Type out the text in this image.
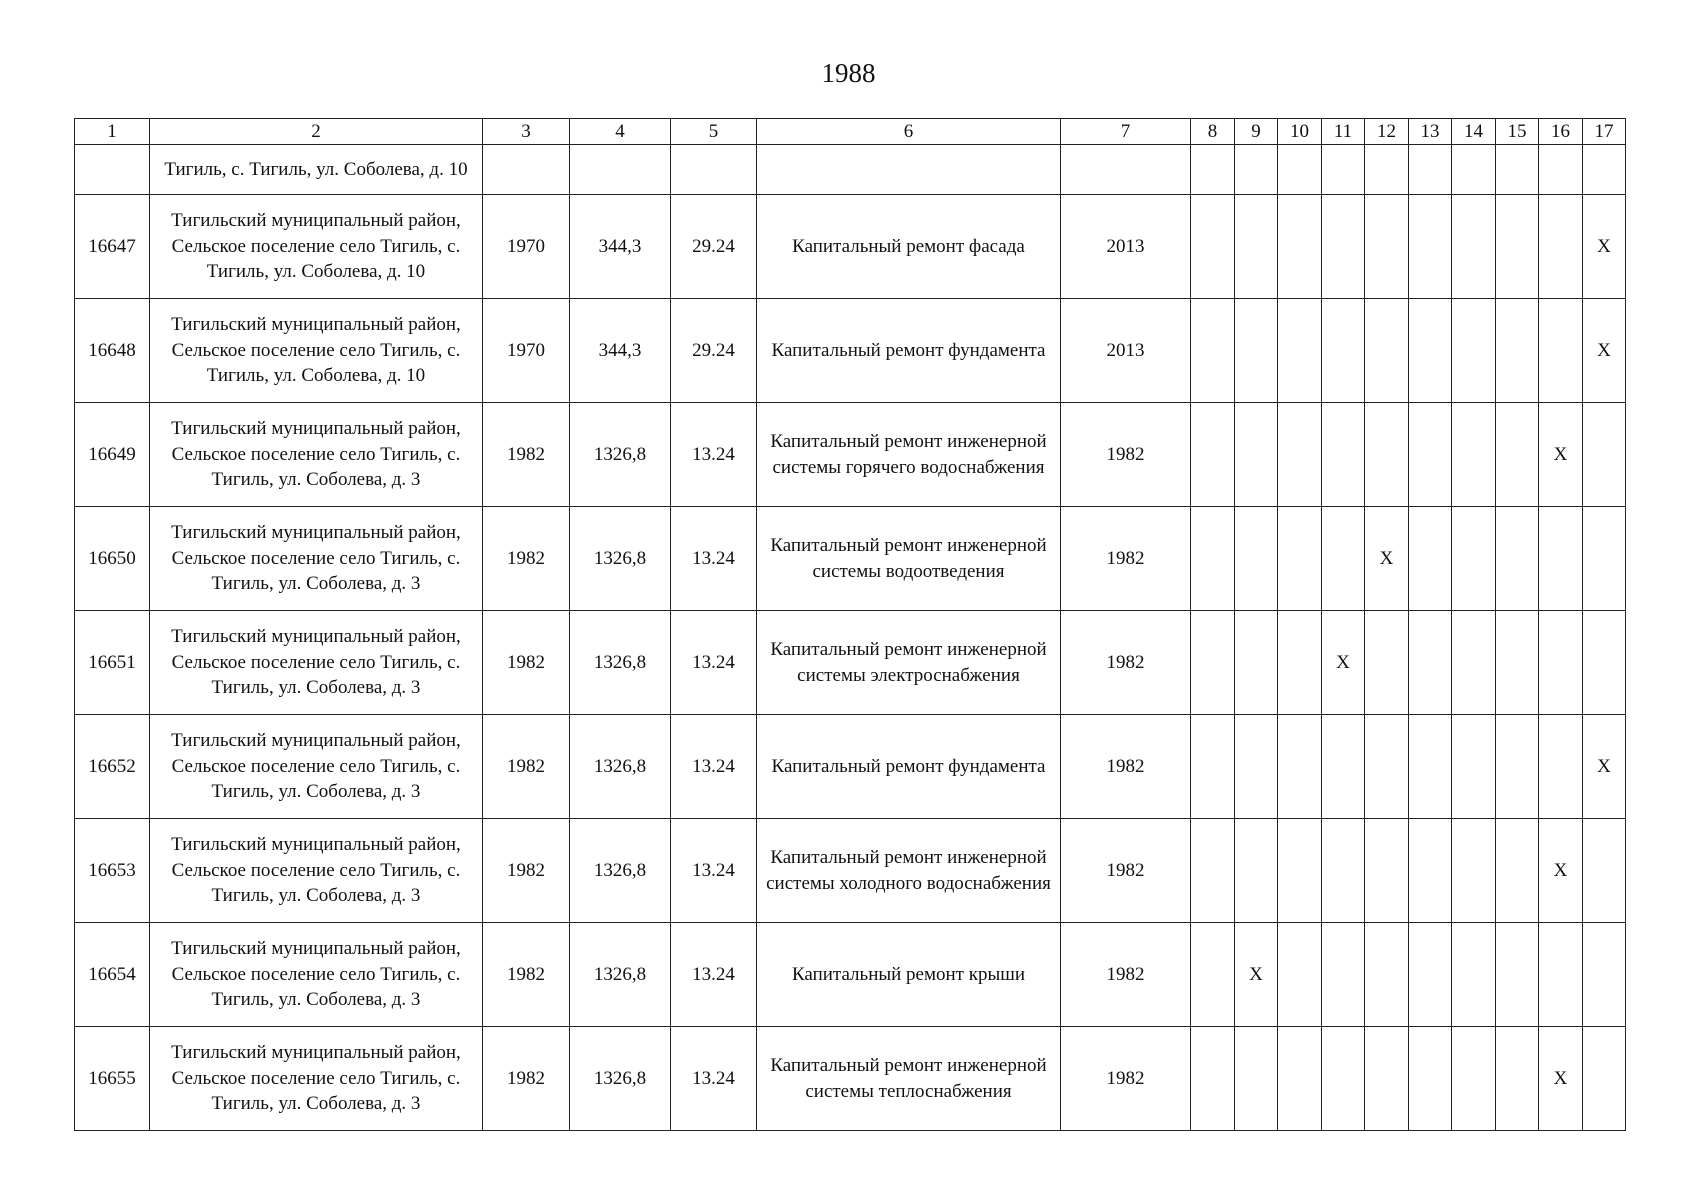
1988
1	2	3	4	5	6	7	8	9	10	11	12	13	14	15	16	17
	Тигиль, с. Тигиль, ул. Соболева, д. 10															
16647	Тигильский муниципальный район, Сельское поселение село Тигиль, с. Тигиль, ул. Соболева, д. 10	1970	344,3	29.24	Капитальный ремонт фасада	2013										X
16648	Тигильский муниципальный район, Сельское поселение село Тигиль, с. Тигиль, ул. Соболева, д. 10	1970	344,3	29.24	Капитальный ремонт фундамента	2013										X
16649	Тигильский муниципальный район, Сельское поселение село Тигиль, с. Тигиль, ул. Соболева, д. 3	1982	1326,8	13.24	Капитальный ремонт инженерной системы горячего водоснабжения	1982									X	
16650	Тигильский муниципальный район, Сельское поселение село Тигиль, с. Тигиль, ул. Соболева, д. 3	1982	1326,8	13.24	Капитальный ремонт инженерной системы водоотведения	1982					X					
16651	Тигильский муниципальный район, Сельское поселение село Тигиль, с. Тигиль, ул. Соболева, д. 3	1982	1326,8	13.24	Капитальный ремонт инженерной системы электроснабжения	1982				X						
16652	Тигильский муниципальный район, Сельское поселение село Тигиль, с. Тигиль, ул. Соболева, д. 3	1982	1326,8	13.24	Капитальный ремонт фундамента	1982										X
16653	Тигильский муниципальный район, Сельское поселение село Тигиль, с. Тигиль, ул. Соболева, д. 3	1982	1326,8	13.24	Капитальный ремонт инженерной системы холодного водоснабжения	1982									X	
16654	Тигильский муниципальный район, Сельское поселение село Тигиль, с. Тигиль, ул. Соболева, д. 3	1982	1326,8	13.24	Капитальный ремонт крыши	1982		X								
16655	Тигильский муниципальный район, Сельское поселение село Тигиль, с. Тигиль, ул. Соболева, д. 3	1982	1326,8	13.24	Капитальный ремонт инженерной системы теплоснабжения	1982									X	
